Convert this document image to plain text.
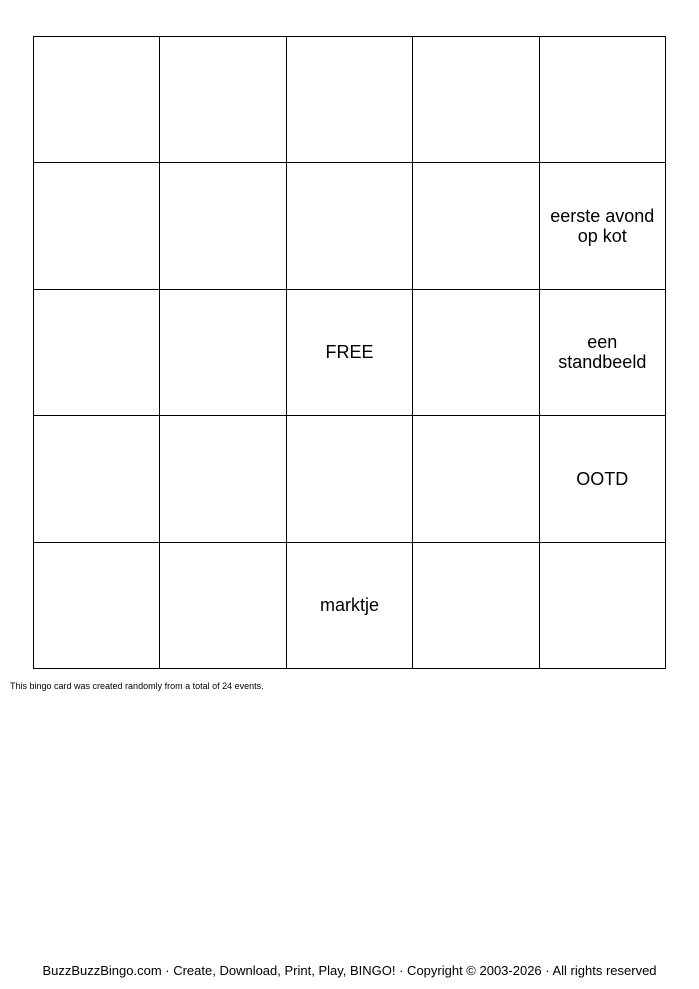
eerste avond op kot
FREE	een standbeeld
OOTD
marktje
This bingo card was created randomly from a total of 24 events.
BuzzBuzzBingo.com · Create, Download, Print, Play, BINGO! · Copyright © 2003-2026 · All rights reserved
